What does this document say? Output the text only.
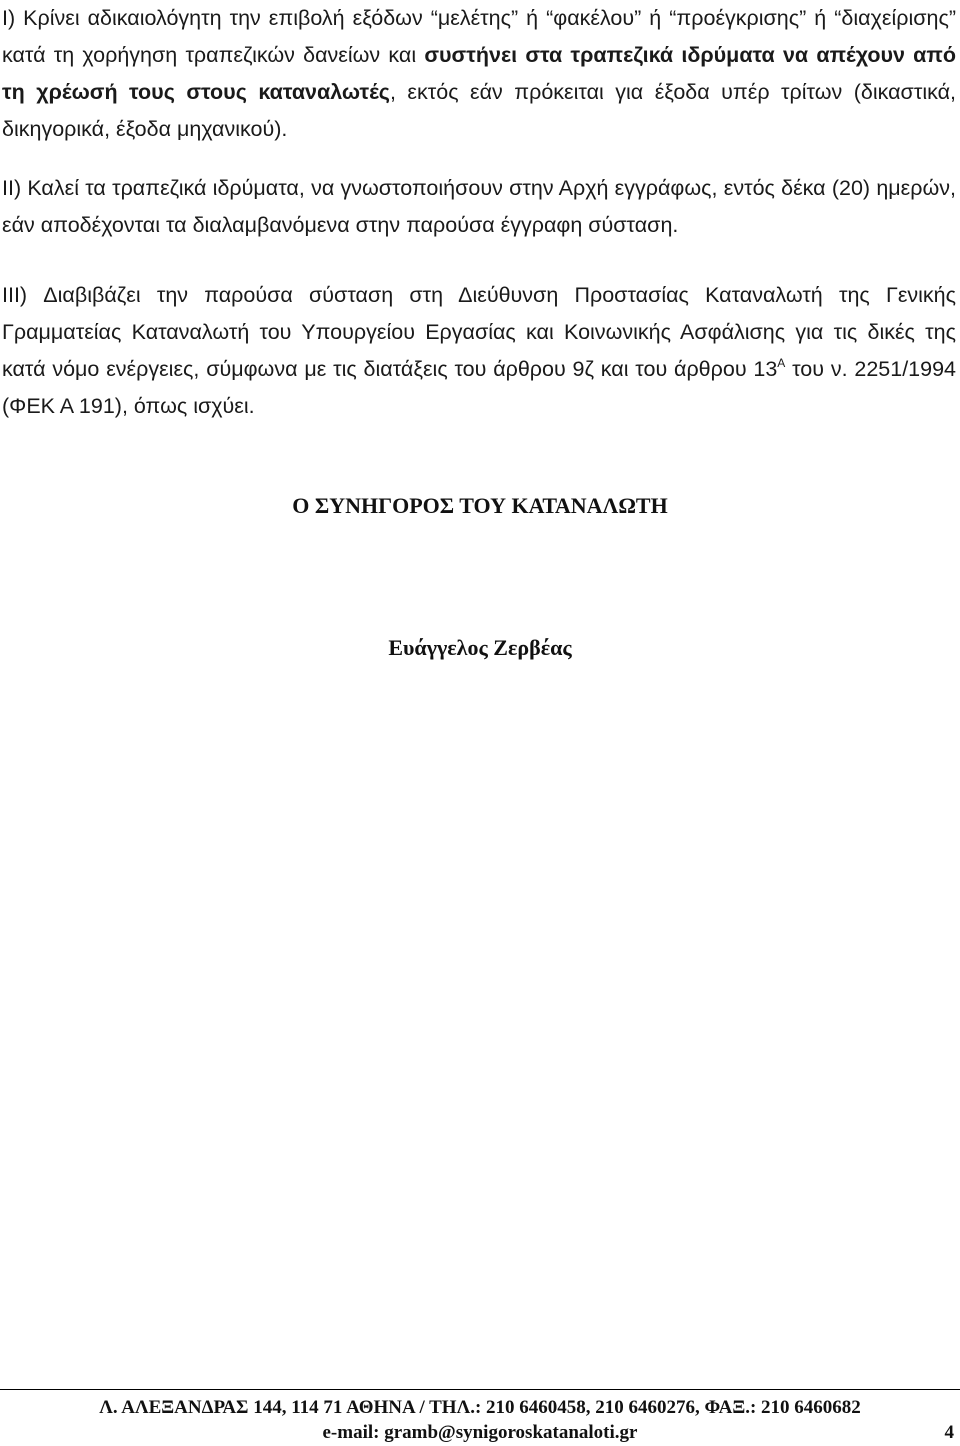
I) Κρίνει αδικαιολόγητη την επιβολή εξόδων “μελέτης” ή “φακέλου” ή “προέγκρισης” ή “διαχείρισης” κατά τη χορήγηση τραπεζικών δανείων και συστήνει στα τραπεζικά ιδρύματα να απέχουν από τη χρέωσή τους στους καταναλωτές, εκτός εάν πρόκειται για έξοδα υπέρ τρίτων (δικαστικά, δικηγορικά, έξοδα μηχανικού).

II) Καλεί τα τραπεζικά ιδρύματα, να γνωστοποιήσουν στην Αρχή εγγράφως, εντός δέκα (20) ημερών, εάν αποδέχονται τα διαλαμβανόμενα στην παρούσα έγγραφη σύσταση.

III) Διαβιβάζει την παρούσα σύσταση στη Διεύθυνση Προστασίας Καταναλωτή της Γενικής Γραμματείας Καταναλωτή του Υπουργείου Εργασίας και Κοινωνικής Ασφάλισης για τις δικές της κατά νόμο ενέργειες, σύμφωνα με τις διατάξεις του άρθρου 9ζ και του άρθρου $13^A$ του ν. 2251/1994 (ΦΕΚ Α 191), όπως ισχύει.

Ο ΣΥΝΗΓΟΡΟΣ ΤΟΥ ΚΑΤΑΝΑΛΩΤΗ

Ευάγγελος Ζερβέας

Λ. ΑΛΕΞΑΝΔΡΑΣ 144, 114 71 ΑΘΗΝΑ / ΤΗΛ.: 210 6460458, 210 6460276, ΦΑΞ.: 210 6460682

e-mail: gramb@synigoroskatanaloti.gr	4
